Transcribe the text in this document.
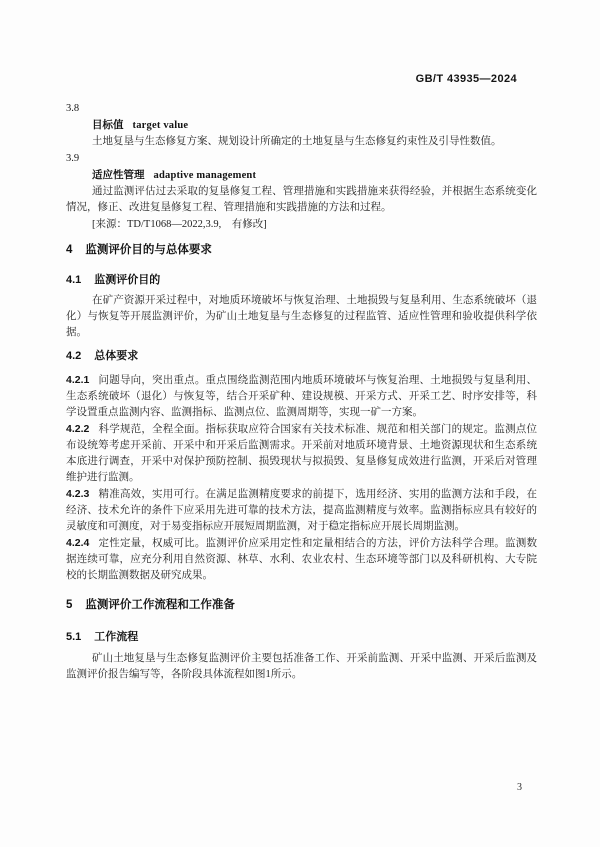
GB/T 43935—2024
3.8
目标值 target value

土地复垦与生态修复方案、规划设计所确定的土地复垦与生态修复约束性及引导性数值。

3.9
适应性管理 adaptive management

通过监测评估过去采取的复垦修复工程、管理措施和实践措施来获得经验，并根据生态系统变化情况，修正、改进复垦修复工程、管理措施和实践措施的方法和过程。

[来源：TD/T1068—2022,3.9,　有修改]
4 监测评价目的与总体要求
4.1 监测评价目的

在矿产资源开采过程中，对地质环境破坏与恢复治理、土地损毁与复垦利用、生态系统破坏（退化）与恢复等开展监测评价，为矿山土地复垦与生态修复的过程监管、适应性管理和验收提供科学依据。

4.2 总体要求

4.2.1 问题导向，突出重点。重点围绕监测范围内地质环境破坏与恢复治理、土地损毁与复垦利用、生态系统破坏（退化）与恢复等，结合开采矿种、建设规模、开采方式、开采工艺、时序安排等，科学设置重点监测内容、监测指标、监测点位、监测周期等，实现一矿一方案。

4.2.2 科学规范，全程全面。指标获取应符合国家有关技术标准、规范和相关部门的规定。监测点位布设统筹考虑开采前、开采中和开采后监测需求。开采前对地质环境背景、土地资源现状和生态系统本底进行调查，开采中对保护预防控制、损毁现状与拟损毁、复垦修复成效进行监测，开采后对管理维护进行监测。

4.2.3 精准高效，实用可行。在满足监测精度要求的前提下，选用经济、实用的监测方法和手段，在经济、技术允许的条件下应采用先进可靠的技术方法，提高监测精度与效率。监测指标应具有较好的灵敏度和可测度，对于易变指标应开展短周期监测，对于稳定指标应开展长周期监测。

4.2.4 定性定量，权威可比。监测评价应采用定性和定量相结合的方法，评价方法科学合理。监测数据连续可靠，应充分利用自然资源、林草、水利、农业农村、生态环境等部门以及科研机构、大专院校的长期监测数据及研究成果。

5 监测评价工作流程和工作准备
5.1 工作流程

矿山土地复垦与生态修复监测评价主要包括准备工作、开采前监测、开采中监测、开采后监测及监测评价报告编写等，各阶段具体流程如图1所示。

3
